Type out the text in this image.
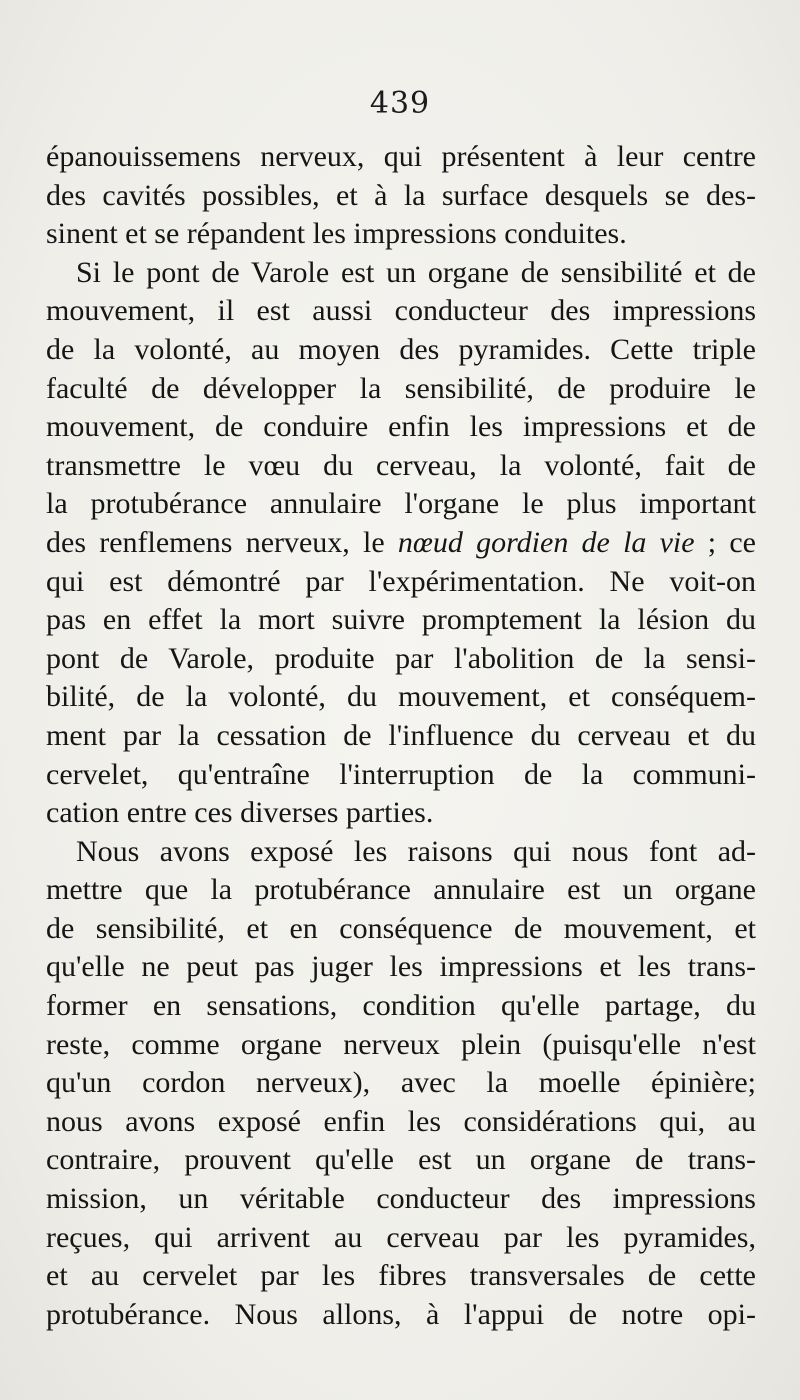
439
épanouissemens nerveux, qui présentent à leur centre
des cavités possibles, et à la surface desquels se des-
sinent et se répandent les impressions conduites.
Si le pont de Varole est un organe de sensibilité et de
mouvement, il est aussi conducteur des impressions
de la volonté, au moyen des pyramides. Cette triple
faculté de développer la sensibilité, de produire le
mouvement, de conduire enfin les impressions et de
transmettre le vœu du cerveau, la volonté, fait de
la protubérance annulaire l'organe le plus important
des renflemens nerveux, le nœud gordien de la vie ; ce
qui est démontré par l'expérimentation. Ne voit-on
pas en effet la mort suivre promptement la lésion du
pont de Varole, produite par l'abolition de la sensi-
bilité, de la volonté, du mouvement, et conséquem-
ment par la cessation de l'influence du cerveau et du
cervelet, qu'entraîne l'interruption de la communi-
cation entre ces diverses parties.
Nous avons exposé les raisons qui nous font ad-
mettre que la protubérance annulaire est un organe
de sensibilité, et en conséquence de mouvement, et
qu'elle ne peut pas juger les impressions et les trans-
former en sensations, condition qu'elle partage, du
reste, comme organe nerveux plein (puisqu'elle n'est
qu'un cordon nerveux), avec la moelle épinière;
nous avons exposé enfin les considérations qui, au
contraire, prouvent qu'elle est un organe de trans-
mission, un véritable conducteur des impressions
reçues, qui arrivent au cerveau par les pyramides,
et au cervelet par les fibres transversales de cette
protubérance. Nous allons, à l'appui de notre opi-
